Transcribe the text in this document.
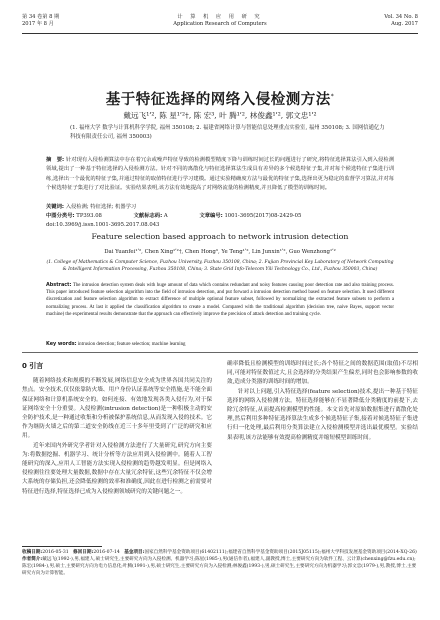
第 34 卷第 8 期
2017 年 8 月
计 算 机 应 用 研 究
Application Research of Computers
Vol. 34 No. 8
Aug. 2017
基于特征选择的网络入侵检测方法*
戴远飞¹ʹ², 陈 星¹ʹ²†, 陈 宏³, 叶 腾¹ʹ², 林俊鑫¹ʹ², 郭文忠¹ʹ²
(1. 福州大学 数学与计算机科学学院, 福州 350108; 2. 福建省网络计算与智能信息处理重点实验室, 福州 350108; 3. 国网信通亿力科技有限责任公司, 福州 350003)
摘　要: 针对现有入侵检测算法中存在着冗余或噪声特征导致的检测模型精度下降与训练时间过长的问题进行了研究,将特征选择算法引入到入侵检测领域,提出了一种基于特征选择的入侵检测方法。针对不同的离散化与特征选择算法生成具有差异的多个候选特征子集,并对每个候选特征子集进行训练,选择出一个最优的特征子集,并通过特征的取值特征进行学习建模。通过实验精确度方法与最优的特征子集,选择出更为稳定的监督学习算法,并对每个候选特征子集进行了对比验证。实验结果表明,该方法有效地提高了对网络流量的检测精度,并且降低了模型的训练时间。
关键词: 入侵检测; 特征选择; 机器学习
中图分类号: TP393.08	文献标志码: A	文章编号: 1001-3695(2017)08-2429-05
doi:10.3969/j.issn.1001-3695.2017.08.043
Feature selection based approach to network intrusion detection
Dai Yuanfei¹ʹ², Chen Xing¹ʹ²†, Chen Hong³, Ye Teng¹ʹ², Lin Junxin¹ʹ², Guo Wenzhong¹ʹ²
(1. College of Mathematics & Computer Science, Fuzhou University, Fuzhou 350108, China; 2. Fujian Provincial Key Laboratory of Network Computing & Intelligent Information Processing, Fuzhou 350108, China; 3. State Grid Info-Telecom Yili Technology Co., Ltd., Fuzhou 350003, China)
Abstract: The intrusion detection system deals with huge amount of data which contains redundant and noisy features causing poor detection rate and also training process. This paper introduced feature selection algorithm into the field of intrusion detection, and put forward a intrusion detection method based on feature selection. It used different discretization and feature selection algorithm to extract difference of multiple optional feature subset, followed by normalizing the extracted feature subsets to perform a normalizing process. At last it applied the classification algorithm to create a model. Compared with the traditional algorithm (decision tree, naive Bayes, support vector machine) the experimental results demonstrate that the approach can effectively improve the precision of attack detection and training cycle.
Key words: intrusion detection; feature selection; machine learning
0 引言

随着网络技术和规模的不断发展,网络信息安全成为世界各国共同关注的焦点。安全技术,仅仅依靠防火墙、用户身份认证系统等安全措施,是不能全面保证网络和计算机系统安全的。如何连接、有效地发现各类入侵行为,对于保证网络安全十分重要。入侵检测(intrusion detection)是一种积极主动的安全防护技术,是一种通过收集和分析被保护系统信息,从而发现入侵的技术。它作为继防火墙之后的第二道安全防线在近三十多年里受到了广泛的研究和应用。

近年来国内外研究学者针对入侵检测方法进行了大量研究,研究方向主要为:将数据挖掘、机器学习、统计分析等方法应用到入侵检测中。随着人工智能研究的深入,应用人工智能方法实现入侵检测的趋势越发明显。但是网络入侵检测往往要处理大量数据,数据中存在大量冗余特征,这些冗余特征不仅会增大系统的存储负担,还会降低检测的效率和准确度,因此在进行检测之前需要对特征进行选择,特征选择已成为入侵检测领域研究的关键问题之一。

确率降低且检测模型的训练时间过长;各个特征之间的数据范围(取值)不尽相同,可能对特征数值过大,且会选择的分类结果产生偏差,同时也会影响参数的收敛,造成分类器的训练时间的增加。

针对以上问题,引入特征选择(feature selection)技术,提出一种基于特征选择的网络入侵检测方法。特征选择能够在不显著降低分类精度的前提下,去除冗余特征,从而提高检测模型的性能。本文首先对原始数据集进行离散化处理,然后利用多种特征选择算法生成多个候选特征子集,接着对候选特征子集进行归一化处理,最后利用分类算法建立入侵检测模型并选出最优模型。实验结果表明,该方法能够有效提高检测精度并缩短模型训练时间。

收稿日期:2016-05-31 修回日期:2016-07-14 基金项目:国家自然科学基金资助项目(61402111);福建省自然科学基金资助项目(2015J05115);福州大学科技发展基金资助项目(2014-XQ-26)
作者简介:戴远飞(1992-),男,福建人,硕士研究生,主要研究方向为入侵检测、机器学习;陈星(1985-),男(通信作者),福建人,副教授,博士,主要研究方向为软件工程、云计算(chenxing@fzu.edu.cn);陈宏(1984-),男,硕士,主要研究方向为电力信息化;叶腾(1991-),男,硕士研究生,主要研究方向为入侵检测;林俊鑫(1993-),男,硕士研究生,主要研究方向为机器学习;郭文忠(1979-),男,教授,博士,主要研究方向为计算智能。
